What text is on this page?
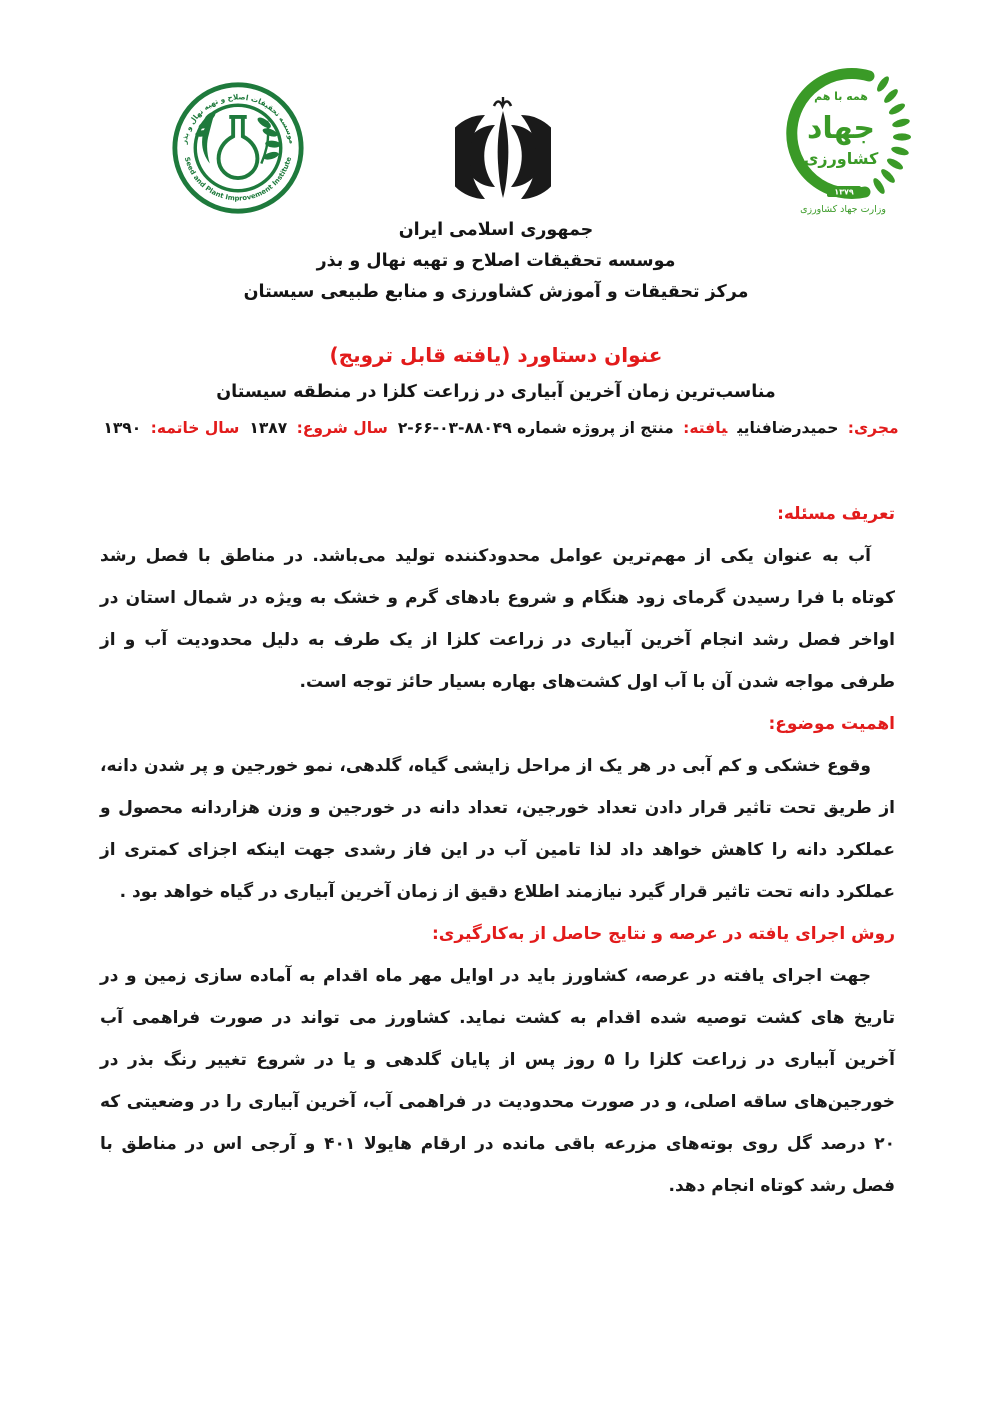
موسسه تحقیقات اصلاح و تهیه نهال و بذر
Seed and Plant Improvement Institute
۱۳۷۹
همه با هم
جهاد
کشاورزی
وزارت جهاد کشاورزی

جمهوری اسلامی ایران

موسسه تحقیقات اصلاح و تهیه نهال و بذر

مرکز تحقیقات و آموزش کشاورزی و منابع طبیعی سیستان

عنوان دستاورد (یافته قابل ترویج)

مناسب‌ترین زمان آخرین آبیاری در زراعت کلزا در منطقه سیستان

مجری: حمیدرضافنایییافته: منتج از پروژه شماره ۸۸۰۴۹-۰۳-۶۶-۲سال شروع: ۱۳۸۷سال خاتمه: ۱۳۹۰

تعریف مسئله:

آب به عنوان یکی از مهم‌ترین عوامل محدودکننده تولید می‌باشد. در مناطق با فصل رشد کوتاه با فرا رسیدن گرمای زود هنگام و شروع بادهای گرم و خشک به ویژه در شمال استان در اواخر فصل رشد انجام آخرین آبیاری در زراعت کلزا از یک طرف به دلیل محدودیت آب و از طرفی مواجه شدن آن با آب اول کشت‌های بهاره بسیار حائز توجه است.

اهمیت موضوع:

وقوع خشکی و کم آبی در هر یک از مراحل زایشی گیاه، گلدهی، نمو خورجین و پر شدن دانه، از طریق تحت تاثیر قرار دادن تعداد خورجین، تعداد دانه در خورجین و وزن هزاردانه محصول و عملکرد دانه را کاهش خواهد داد لذا تامین آب در این فاز رشدی جهت اینکه اجزای کمتری از عملکرد دانه تحت تاثیر قرار گیرد نیازمند اطلاع دقیق از زمان آخرین آبیاری در گیاه خواهد بود .

روش اجرای یافته در عرصه و نتایج حاصل از به‌کارگیری:

جهت اجرای یافته در عرصه، کشاورز باید در اوایل مهر ماه اقدام به آماده سازی زمین و در تاریخ های کشت توصیه شده اقدام به کشت نماید. کشاورز می تواند در صورت فراهمی آب آخرین آبیاری در زراعت کلزا را ۵ روز پس از پایان گلدهی و یا در شروع تغییر رنگ بذر در خورجین‌های ساقه اصلی، و در صورت محدودیت در فراهمی آب، آخرین آبیاری را در وضعیتی که ۲۰ درصد گل روی بوته‌های مزرعه باقی مانده در ارقام هایولا ۴۰۱ و آرجی اس در مناطق با فصل رشد کوتاه انجام دهد.
